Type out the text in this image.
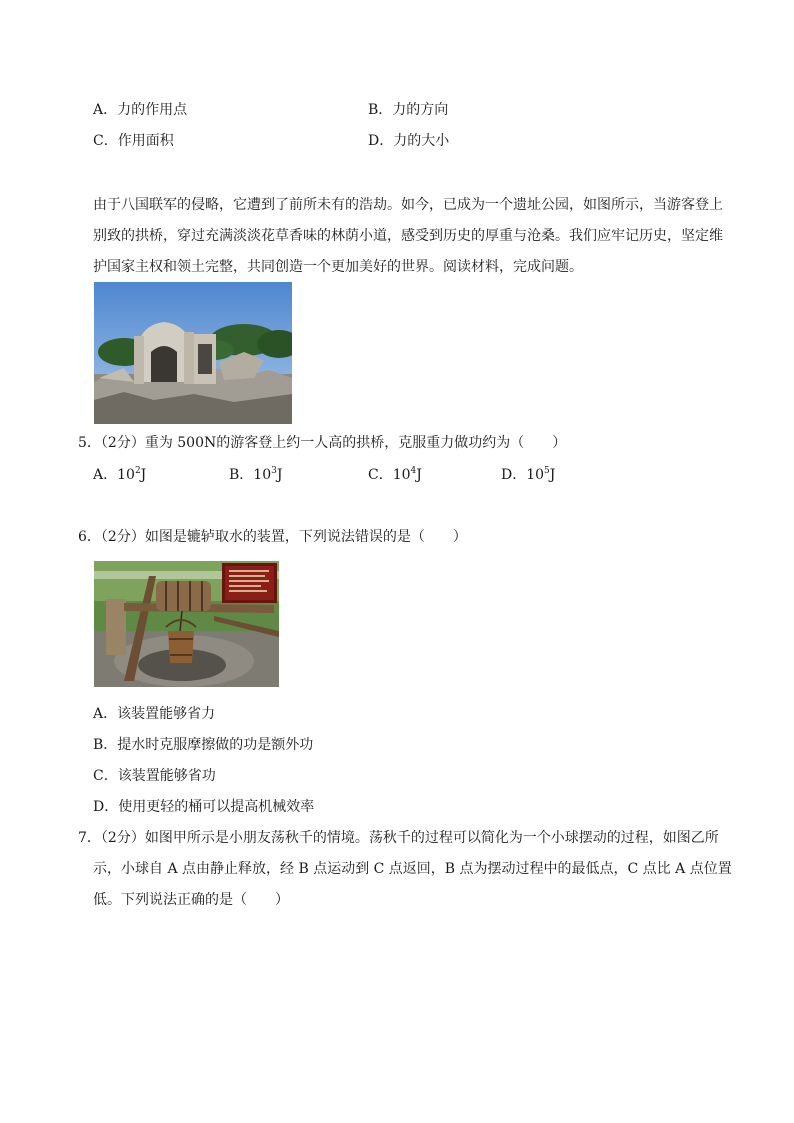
A．力的作用点	B．力的方向
C．作用面积	D．力的大小
由于八国联军的侵略，它遭到了前所未有的浩劫。如今，已成为一个遗址公园，如图所示，当游客登上
别致的拱桥，穿过充满淡淡花草香味的林荫小道，感受到历史的厚重与沧桑。我们应牢记历史，坚定维
护国家主权和领土完整，共同创造一个更加美好的世界。阅读材料，完成问题。
5．（2分）重为 500N的游客登上约一人高的拱桥，克服重力做功约为（　　）
A．$10^2J$	B．$10^3J$	C．$10^4J$	D．$10^5J$
6．（2分）如图是辘轳取水的装置，下列说法错误的是（　　）
A．该装置能够省力
B．提水时克服摩擦做的功是额外功
C．该装置能够省功
D．使用更轻的桶可以提高机械效率
7．（2分）如图甲所示是小朋友荡秋千的情境。荡秋千的过程可以简化为一个小球摆动的过程，如图乙所
示，小球自 A 点由静止释放，经 B 点运动到 C 点返回，B 点为摆动过程中的最低点，C 点比 A 点位置
低。下列说法正确的是（　　）
